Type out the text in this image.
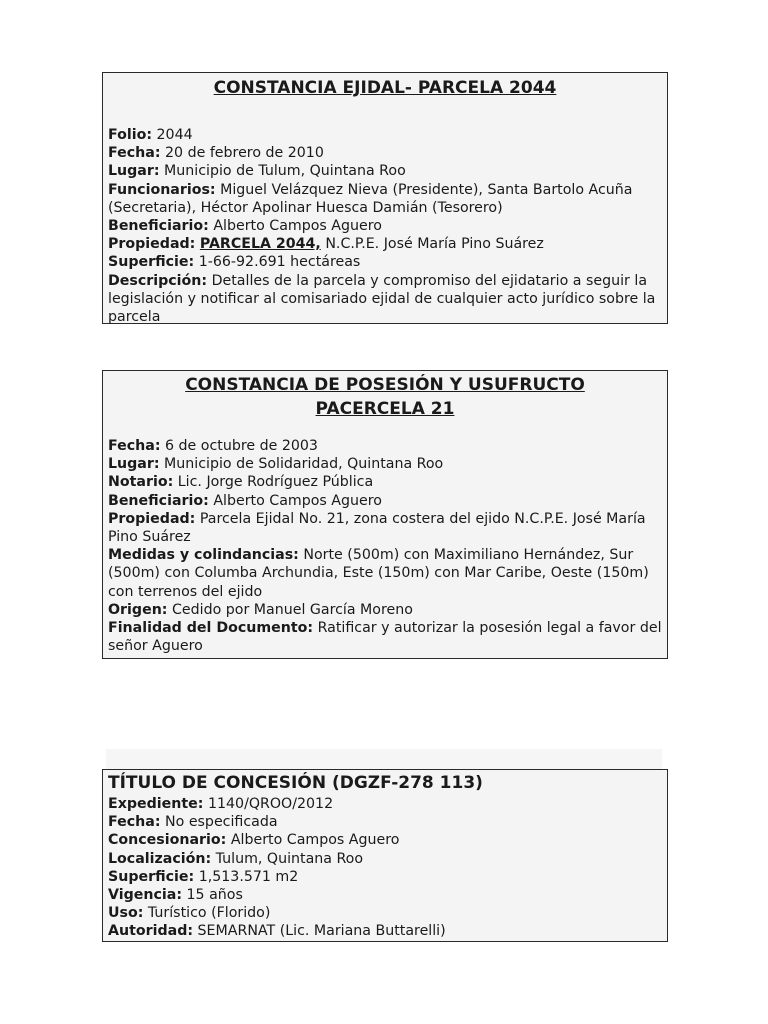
CONSTANCIA EJIDAL- PARCELA 2044

Folio: 2044

Fecha: 20 de febrero de 2010

Lugar: Municipio de Tulum, Quintana Roo

Funcionarios: Miguel Velázquez Nieva (Presidente), Santa Bartolo Acuña (Secretaria), Héctor Apolinar Huesca Damián (Tesorero)

Beneficiario: Alberto Campos Aguero

Propiedad: PARCELA 2044, N.C.P.E. José María Pino Suárez

Superficie: 1-66-92.691 hectáreas

Descripción: Detalles de la parcela y compromiso del ejidatario a seguir la legislación y notificar al comisariado ejidal de cualquier acto jurídico sobre la parcela

CONSTANCIA DE POSESIÓN Y USUFRUCTO

PACERCELA 21

Fecha: 6 de octubre de 2003

Lugar: Municipio de Solidaridad, Quintana Roo

Notario: Lic. Jorge Rodríguez Pública

Beneficiario: Alberto Campos Aguero

Propiedad: Parcela Ejidal No. 21, zona costera del ejido N.C.P.E. José María Pino Suárez

Medidas y colindancias: Norte (500m) con Maximiliano Hernández, Sur (500m) con Columba Archundia, Este (150m) con Mar Caribe, Oeste (150m) con terrenos del ejido

Origen: Cedido por Manuel García Moreno

Finalidad del Documento: Ratificar y autorizar la posesión legal a favor del señor Aguero

TÍTULO DE CONCESIÓN (DGZF-278 113)

Expediente: 1140/QROO/2012

Fecha: No especificada

Concesionario: Alberto Campos Aguero

Localización: Tulum, Quintana Roo

Superficie: 1,513.571 m2

Vigencia: 15 años

Uso: Turístico (Florido)

Autoridad: SEMARNAT (Lic. Mariana Buttarelli)
